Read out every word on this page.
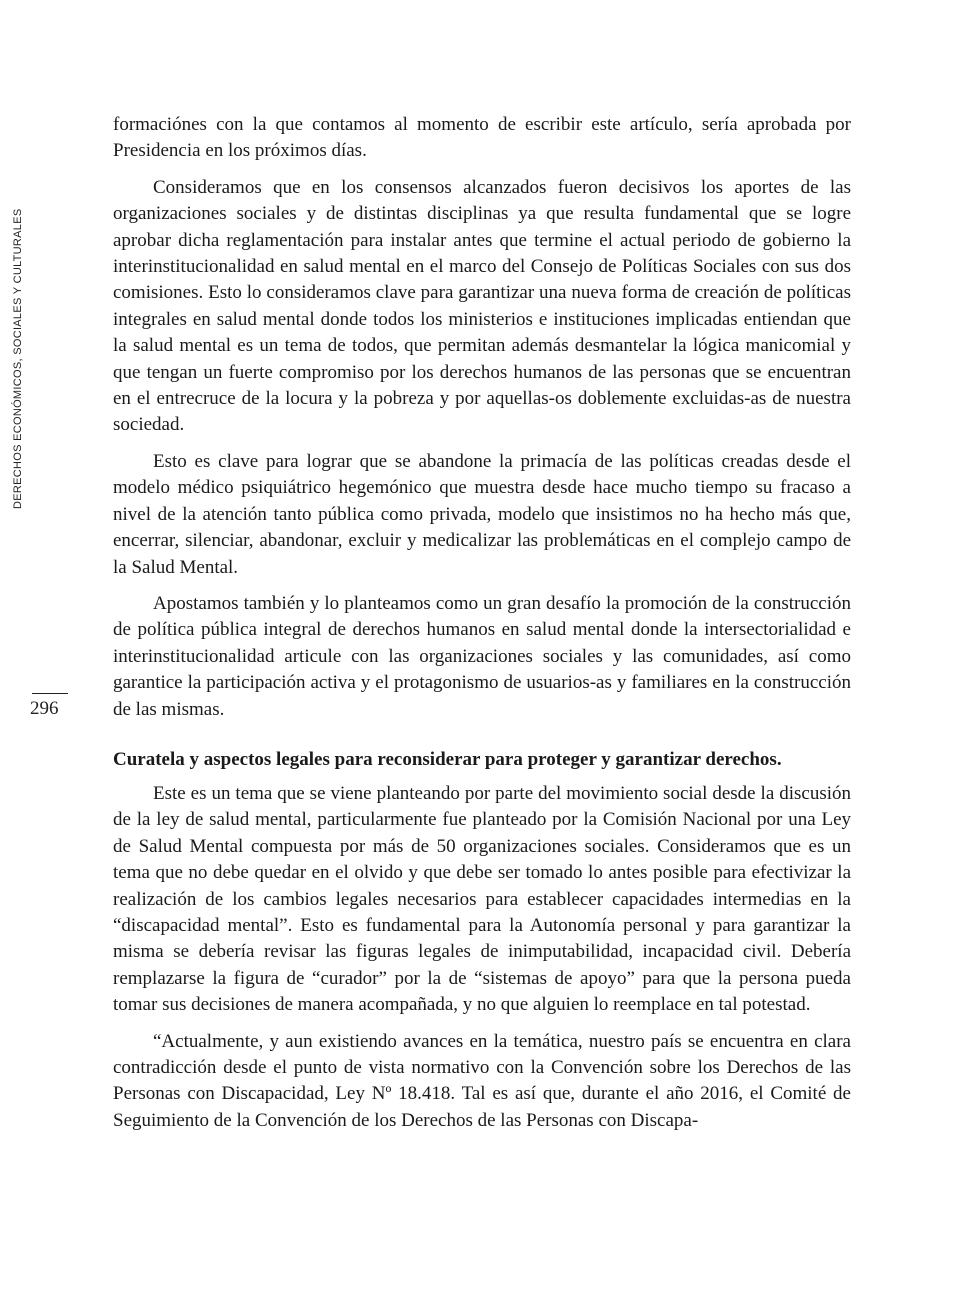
DERECHOS ECONÓMICOS, SOCIALES Y CULTURALES
296

formaciónes con la que contamos al momento de escribir este artículo, sería aprobada por Presidencia en los próximos días.

Consideramos que en los consensos alcanzados fueron decisivos los aportes de las organizaciones sociales y de distintas disciplinas ya que resulta fundamental que se logre aprobar dicha reglamentación para instalar antes que termine el actual periodo de gobierno la interinstitucionalidad en salud mental en el marco del Consejo de Políticas Sociales con sus dos comisiones. Esto lo consideramos clave para garantizar una nueva forma de creación de políticas integrales en salud mental donde todos los ministerios e instituciones implicadas entiendan que la salud mental es un tema de todos, que permitan además desmantelar la lógica manicomial y que tengan un fuerte compromiso por los derechos humanos de las personas que se encuentran en el entrecruce de la locura y la pobreza y por aquellas-os doblemente excluidas-as de nuestra sociedad.

Esto es clave para lograr que se abandone la primacía de las políticas creadas desde el modelo médico psiquiátrico hegemónico que muestra desde hace mucho tiempo su fracaso a nivel de la atención tanto pública como privada, modelo que insistimos no ha hecho más que, encerrar, silenciar, abandonar, excluir y medicalizar las problemáticas en el complejo campo de la Salud Mental.

Apostamos también y lo planteamos como un gran desafío la promoción de la construcción de política pública integral de derechos humanos en salud mental donde la intersectorialidad e interinstitucionalidad articule con las organizaciones sociales y las comunidades, así como garantice la participación activa y el protagonismo de usuarios-as y familiares en la construcción de las mismas.

Curatela y aspectos legales para reconsiderar para proteger y garantizar derechos.

Este es un tema que se viene planteando por parte del movimiento social desde la discusión de la ley de salud mental, particularmente fue planteado por la Comisión Nacional por una Ley de Salud Mental compuesta por más de 50 organizaciones sociales. Consideramos que es un tema que no debe quedar en el olvido y que debe ser tomado lo antes posible para efectivizar la realización de los cambios legales necesarios para establecer capacidades intermedias en la “discapacidad mental”. Esto es fundamental para la Autonomía personal y para garantizar la misma se debería revisar las figuras legales de inimputabilidad, incapacidad civil. Debería remplazarse la figura de “curador” por la de “sistemas de apoyo” para que la persona pueda tomar sus decisiones de manera acompañada, y no que alguien lo reemplace en tal potestad.

“Actualmente, y aun existiendo avances en la temática, nuestro país se encuentra en clara contradicción desde el punto de vista normativo con la Convención sobre los Derechos de las Personas con Discapacidad, Ley Nº 18.418. Tal es así que, durante el año 2016, el Comité de Seguimiento de la Convención de los Derechos de las Personas con Discapa-
